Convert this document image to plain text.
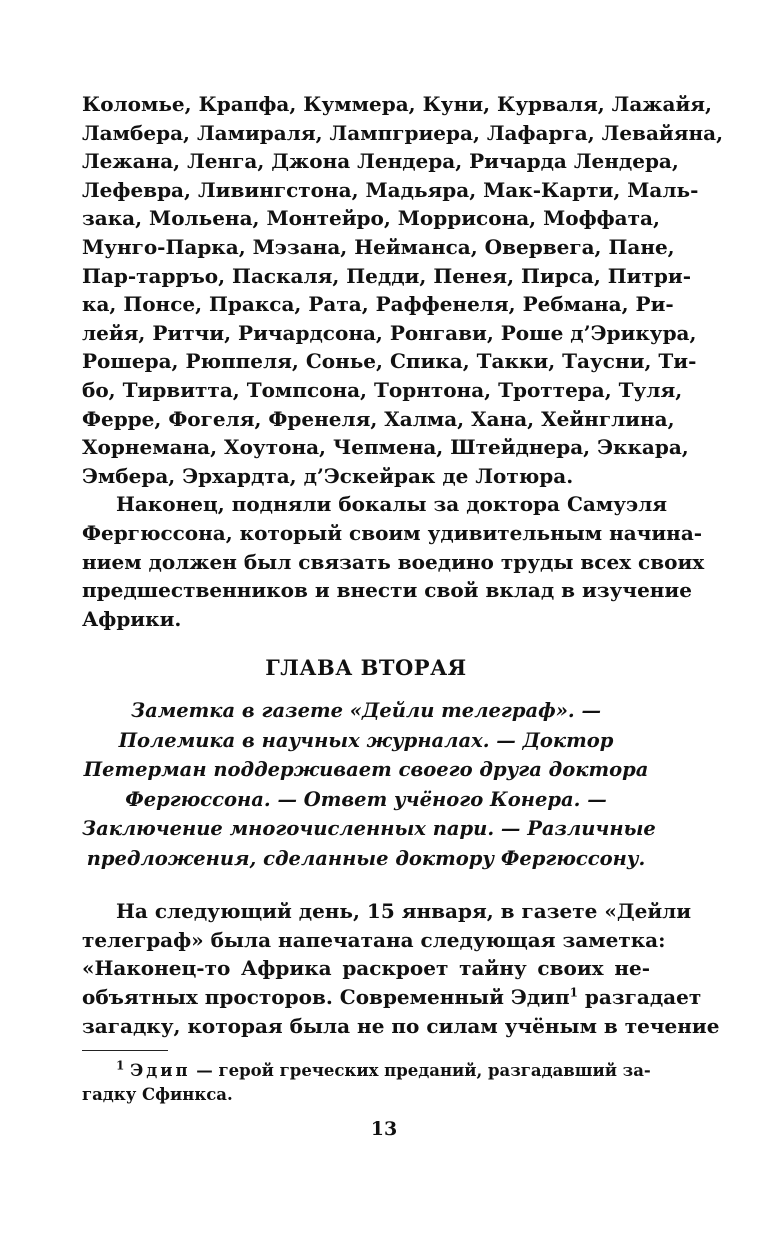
Коломье, Крапфа, Куммера, Куни, Курваля, Лажайя,
Ламбера, Ламираля, Лампгриера, Лафарга, Левайяна,
Лежана, Ленга, Джона Лендера, Ричарда Лендера,
Лефевра, Ливингстона, Мадьяра, Мак-Карти, Маль-
зака, Мольена, Монтейро, Моррисона, Моффата,
Мунго-Парка, Мэзана, Нейманса, Овервега, Пане,
Пар-тарръо, Паскаля, Педди, Пенея, Пирса, Питри-
ка, Понсе, Пракса, Рата, Раффенеля, Ребмана, Ри-
лейя, Ритчи, Ричардсона, Ронгави, Роше д’Эрикура,
Рошера, Рюппеля, Сонье, Спика, Такки, Таусни, Ти-
бо, Тирвитта, Томпсона, Торнтона, Троттера, Туля,
Ферре, Фогеля, Френеля, Халма, Хана, Хейнглина,
Хорнемана, Хоутона, Чепмена, Штейднера, Эккара,
Эмбера, Эрхардта, д’Эскейрак де Лотюра.
Наконец, подняли бокалы за доктора Самуэля
Фергюссона, который своим удивительным начина-
нием должен был связать воедино труды всех своих
предшественников и внести свой вклад в изучение
Африки.
ГЛАВА ВТОРАЯ
Заметка в газете «Дейли телеграф». —
Полемика в научных журналах. — Доктор
Петерман поддерживает своего друга доктора
Фергюссона. — Ответ учёного Конера. —
Заключение многочисленных пари. — Различные
предложения, сделанные доктору Фергюссону.
На следующий день, 15 января, в газете «Дейли
телеграф» была напечатана следующая заметка:
«Наконец-то Африка раскроет тайну своих не-
объятных просторов. Современный Эдип$^1$ разгадает
загадку, которая была не по силам учёным в течение
$^1$ Эдип — герой греческих преданий, разгадавший за-
гадку Сфинкса.
13
